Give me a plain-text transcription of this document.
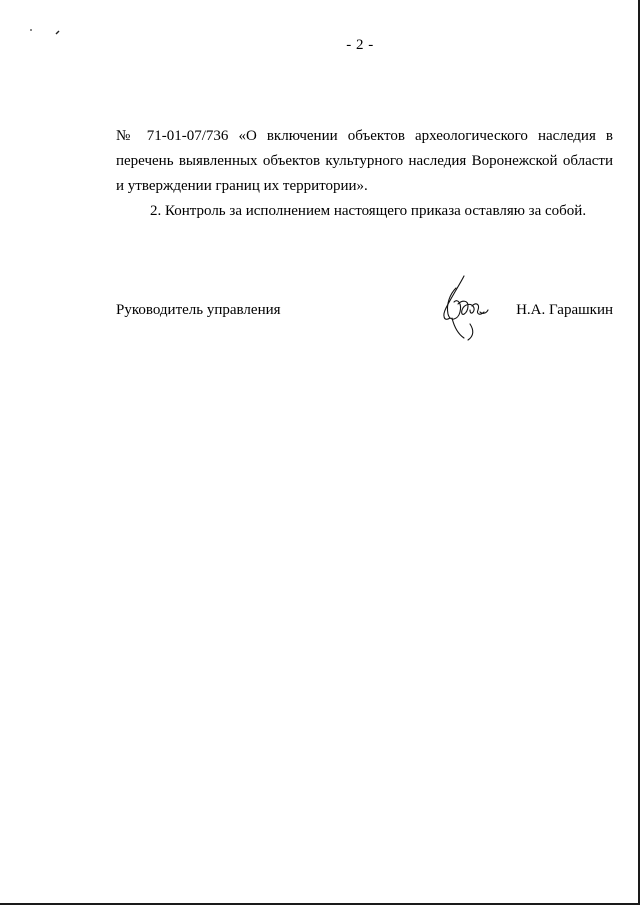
- 2 -
№ 71-01-07/736 «О включении объектов археологического наследия в
перечень выявленных объектов культурного наследия Воронежской области
и утверждении границ их территории».
2. Контроль за исполнением настоящего приказа оставляю за собой.
Руководитель управления	Н.А. Гарашкин
